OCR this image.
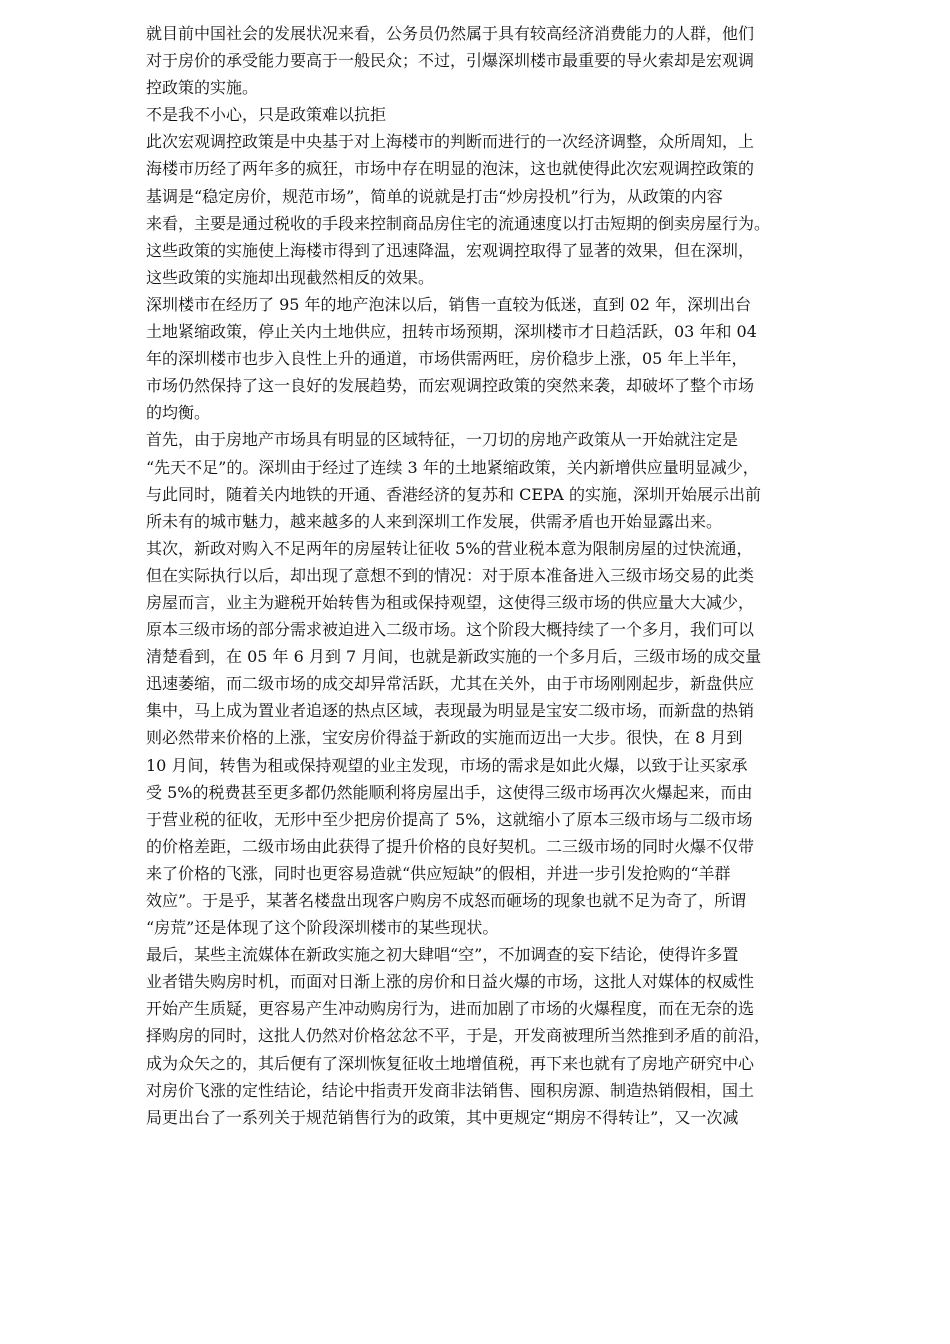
就目前中国社会的发展状况来看，公务员仍然属于具有较高经济消费能力的人群，他们
对于房价的承受能力要高于一般民众；不过，引爆深圳楼市最重要的导火索却是宏观调
控政策的实施。
不是我不小心，只是政策难以抗拒
此次宏观调控政策是中央基于对上海楼市的判断而进行的一次经济调整，众所周知，上
海楼市历经了两年多的疯狂，市场中存在明显的泡沫，这也就使得此次宏观调控政策的
基调是“稳定房价，规范市场”，简单的说就是打击“炒房投机”行为，从政策的内容
来看，主要是通过税收的手段来控制商品房住宅的流通速度以打击短期的倒卖房屋行为。
这些政策的实施使上海楼市得到了迅速降温，宏观调控取得了显著的效果，但在深圳，
这些政策的实施却出现截然相反的效果。
深圳楼市在经历了 95 年的地产泡沫以后，销售一直较为低迷，直到 02 年，深圳出台
土地紧缩政策，停止关内土地供应，扭转市场预期，深圳楼市才日趋活跃，03 年和 04
年的深圳楼市也步入良性上升的通道，市场供需两旺，房价稳步上涨，05 年上半年，
市场仍然保持了这一良好的发展趋势，而宏观调控政策的突然来袭，却破坏了整个市场
的均衡。
首先，由于房地产市场具有明显的区域特征，一刀切的房地产政策从一开始就注定是
“先天不足”的。深圳由于经过了连续 3 年的土地紧缩政策，关内新增供应量明显减少，
与此同时，随着关内地铁的开通、香港经济的复苏和 CEPA 的实施，深圳开始展示出前
所未有的城市魅力，越来越多的人来到深圳工作发展，供需矛盾也开始显露出来。
其次，新政对购入不足两年的房屋转让征收 5%的营业税本意为限制房屋的过快流通，
但在实际执行以后，却出现了意想不到的情况：对于原本准备进入三级市场交易的此类
房屋而言，业主为避税开始转售为租或保持观望，这使得三级市场的供应量大大减少，
原本三级市场的部分需求被迫进入二级市场。这个阶段大概持续了一个多月，我们可以
清楚看到，在 05 年 6 月到 7 月间，也就是新政实施的一个多月后，三级市场的成交量
迅速萎缩，而二级市场的成交却异常活跃，尤其在关外，由于市场刚刚起步，新盘供应
集中，马上成为置业者追逐的热点区域，表现最为明显是宝安二级市场，而新盘的热销
则必然带来价格的上涨，宝安房价得益于新政的实施而迈出一大步。很快，在 8 月到
10 月间，转售为租或保持观望的业主发现，市场的需求是如此火爆，以致于让买家承
受 5%的税费甚至更多都仍然能顺利将房屋出手，这使得三级市场再次火爆起来，而由
于营业税的征收，无形中至少把房价提高了 5%，这就缩小了原本三级市场与二级市场
的价格差距，二级市场由此获得了提升价格的良好契机。二三级市场的同时火爆不仅带
来了价格的飞涨，同时也更容易造就“供应短缺”的假相，并进一步引发抢购的“羊群
效应”。于是乎，某著名楼盘出现客户购房不成怒而砸场的现象也就不足为奇了，所谓
“房荒”还是体现了这个阶段深圳楼市的某些现状。
最后，某些主流媒体在新政实施之初大肆唱“空”，不加调查的妄下结论，使得许多置
业者错失购房时机，而面对日渐上涨的房价和日益火爆的市场，这批人对媒体的权威性
开始产生质疑，更容易产生冲动购房行为，进而加剧了市场的火爆程度，而在无奈的选
择购房的同时，这批人仍然对价格忿忿不平，于是，开发商被理所当然推到矛盾的前沿，
成为众矢之的，其后便有了深圳恢复征收土地增值税，再下来也就有了房地产研究中心
对房价飞涨的定性结论，结论中指责开发商非法销售、囤积房源、制造热销假相，国土
局更出台了一系列关于规范销售行为的政策，其中更规定“期房不得转让”，又一次减
